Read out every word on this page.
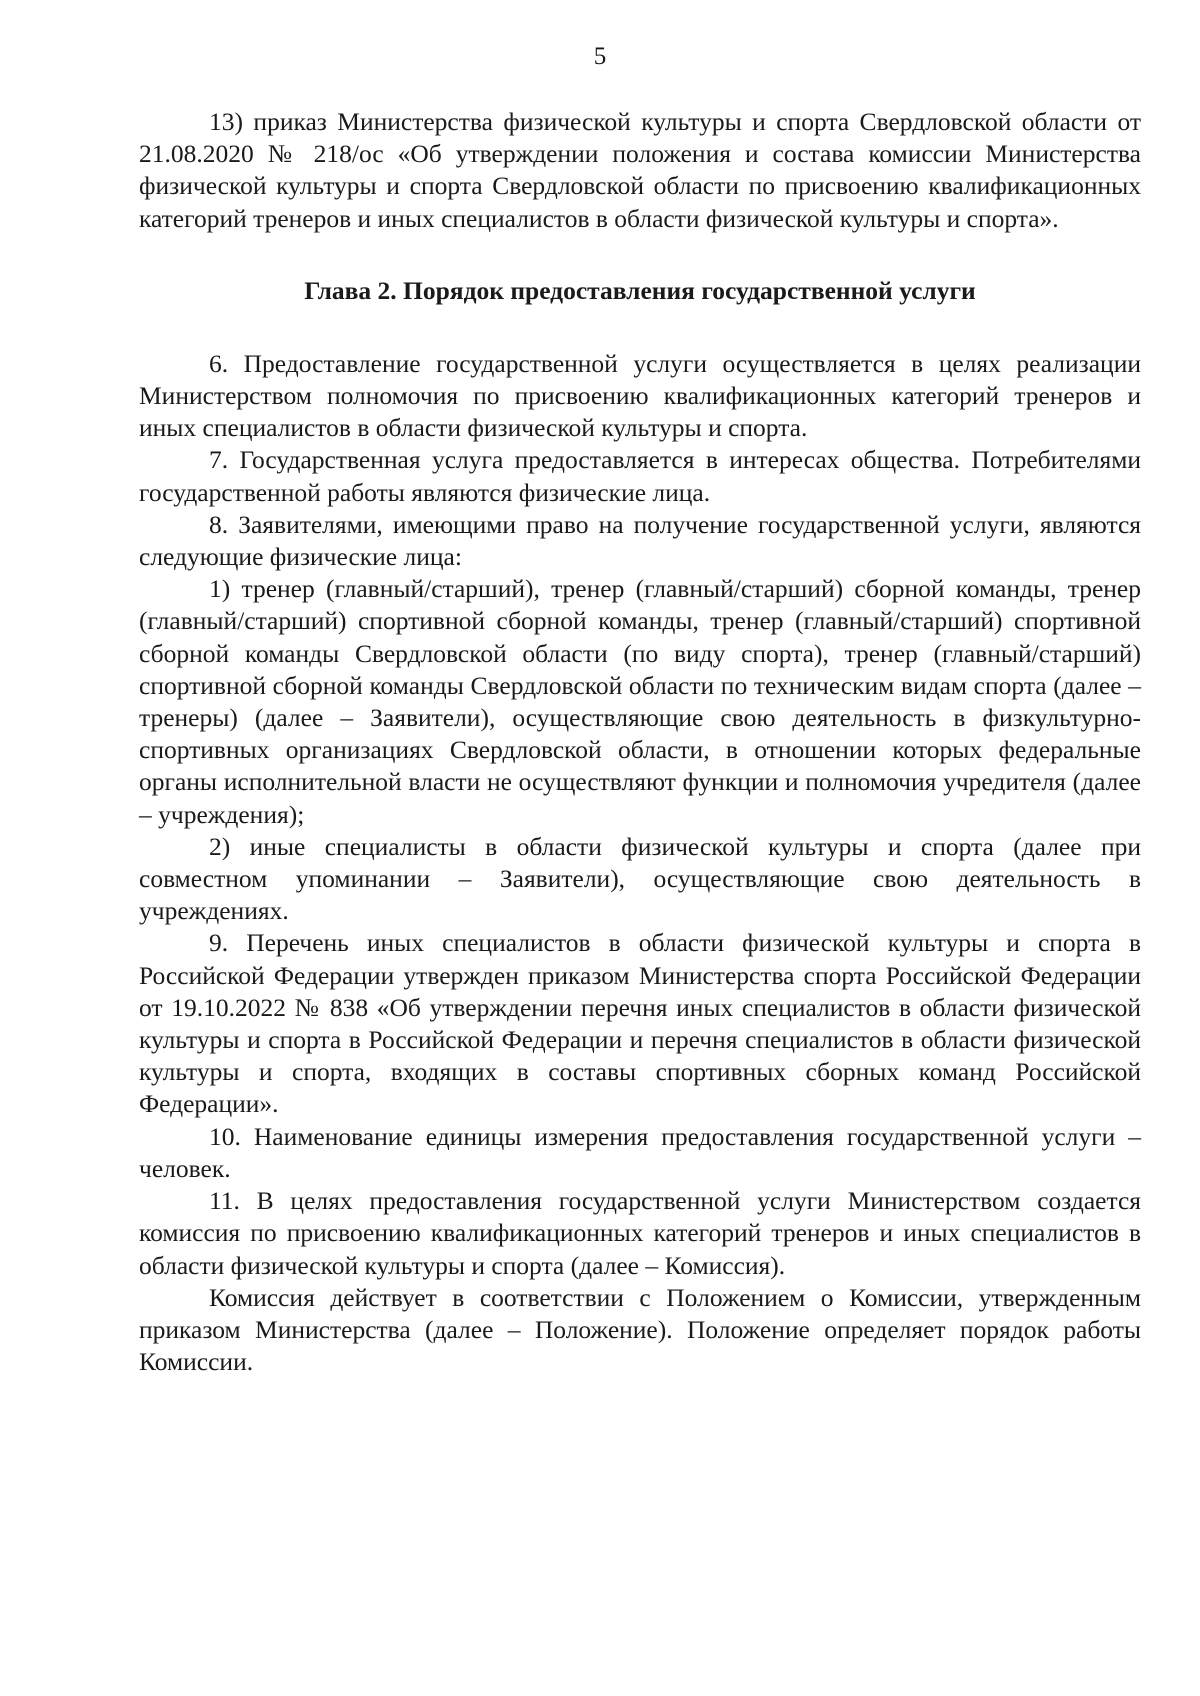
5

13) приказ Министерства физической культуры и спорта Свердловской области от 21.08.2020 № 218/ос «Об утверждении положения и состава комиссии Министерства физической культуры и спорта Свердловской области по присвоению квалификационных категорий тренеров и иных специалистов в области физической культуры и спорта».

Глава 2. Порядок предоставления государственной услуги

6. Предоставление государственной услуги осуществляется в целях реализации Министерством полномочия по присвоению квалификационных категорий тренеров и иных специалистов в области физической культуры и спорта.

7. Государственная услуга предоставляется в интересах общества. Потребителями государственной работы являются физические лица.

8. Заявителями, имеющими право на получение государственной услуги, являются следующие физические лица:

1) тренер (главный/старший), тренер (главный/старший) сборной команды, тренер (главный/старший) спортивной сборной команды, тренер (главный/старший) спортивной сборной команды Свердловской области (по виду спорта), тренер (главный/старший) спортивной сборной команды Свердловской области по техническим видам спорта (далее – тренеры) (далее – Заявители), осуществляющие свою деятельность в физкультурно-спортивных организациях Свердловской области, в отношении которых федеральные органы исполнительной власти не осуществляют функции и полномочия учредителя (далее – учреждения);

2) иные специалисты в области физической культуры и спорта (далее при совместном упоминании – Заявители), осуществляющие свою деятельность в учреждениях.

9. Перечень иных специалистов в области физической культуры и спорта в Российской Федерации утвержден приказом Министерства спорта Российской Федерации от 19.10.2022 № 838 «Об утверждении перечня иных специалистов в области физической культуры и спорта в Российской Федерации и перечня специалистов в области физической культуры и спорта, входящих в составы спортивных сборных команд Российской Федерации».

10. Наименование единицы измерения предоставления государственной услуги – человек.

11. В целях предоставления государственной услуги Министерством создается комиссия по присвоению квалификационных категорий тренеров и иных специалистов в области физической культуры и спорта (далее – Комиссия).

Комиссия действует в соответствии с Положением о Комиссии, утвержденным приказом Министерства (далее – Положение). Положение определяет порядок работы Комиссии.
